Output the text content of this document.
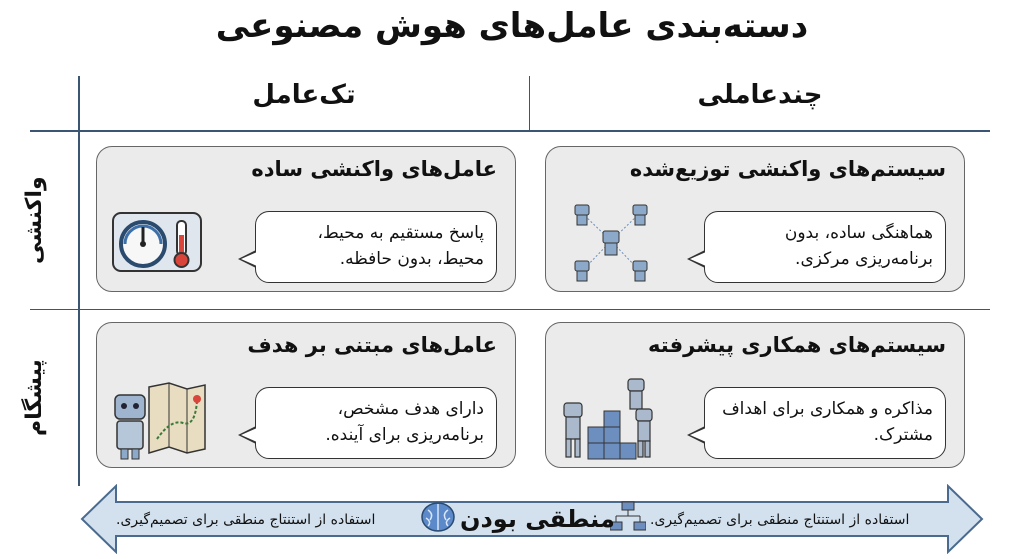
دسته‌بندی عامل‌های هوش مصنوعی
تک‌عامل	چندعاملی
واکنشی
پیشگام
عامل‌های واکنشی ساده
پاسخ مستقیم به محیط، محیط، بدون حافظه.
سیستم‌های واکنشی توزیع‌شده
هماهنگی ساده، بدون برنامه‌ریزی مرکزی.
عامل‌های مبتنی بر هدف
دارای هدف مشخص، برنامه‌ریزی برای آینده.
سیستم‌های همکاری پیشرفته
مذاکره و همکاری برای اهداف مشترک.
استفاده از استنتاج منطقی برای تصمیم‌گیری.
استفاده از استنتاج منطقی برای تصمیم‌گیری.	منطقی بودن
